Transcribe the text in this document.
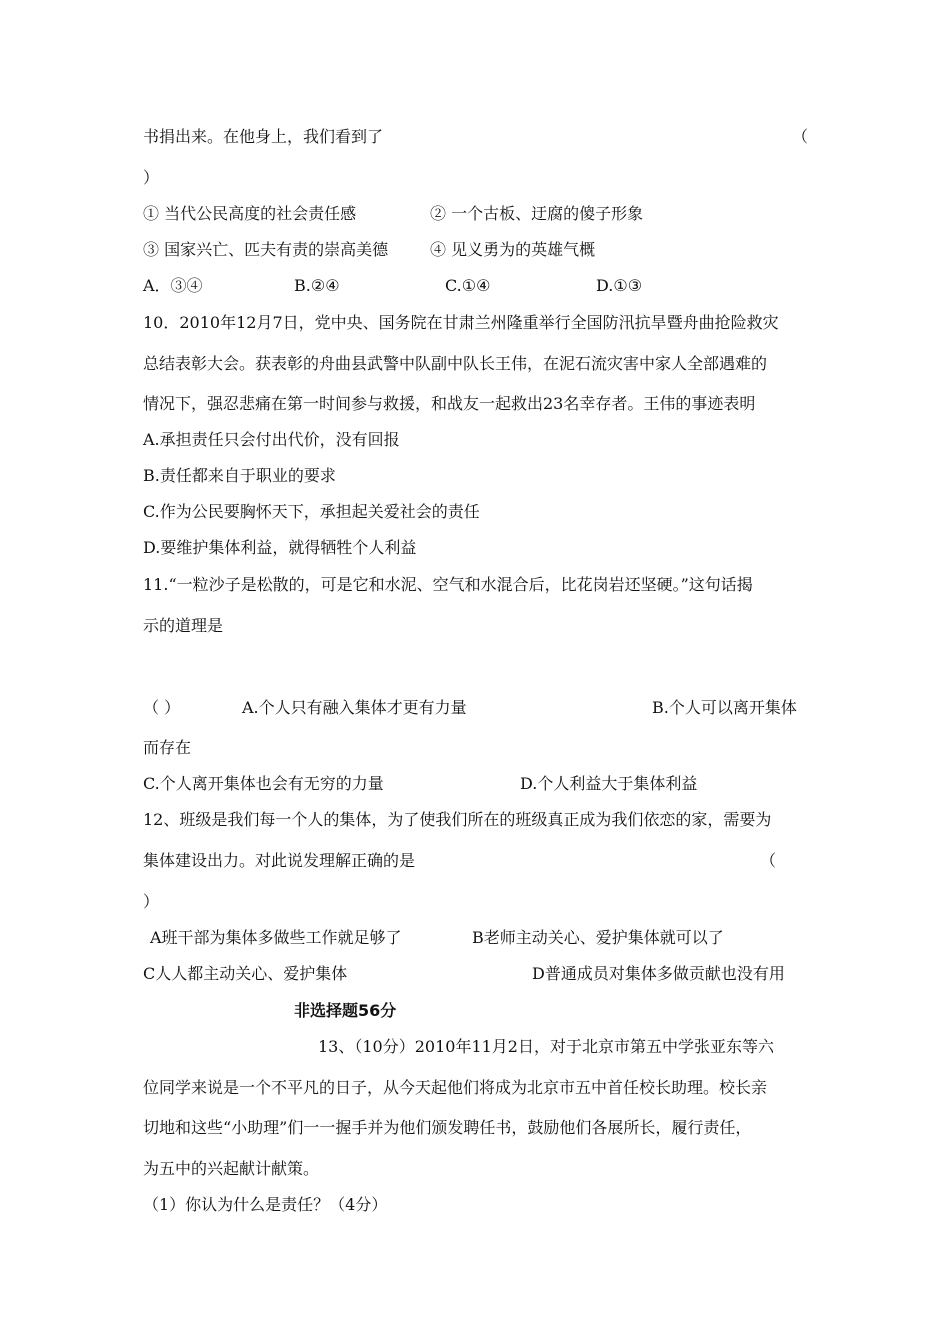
书捐出来。在他身上，我们看到了	（
）
① 当代公民高度的社会责任感	② 一个古板、迂腐的傻子形象
③ 国家兴亡、匹夫有责的崇高美德	④ 见义勇为的英雄气概
A．③④	B.②④	C.①④	D.①③
10．2010年12月7日，党中央、国务院在甘肃兰州隆重举行全国防汛抗旱暨舟曲抢险救灾
总结表彰大会。获表彰的舟曲县武警中队副中队长王伟，在泥石流灾害中家人全部遇难的
情况下，强忍悲痛在第一时间参与救援，和战友一起救出23名幸存者。王伟的事迹表明
A.承担责任只会付出代价，没有回报
B.责任都来自于职业的要求
C.作为公民要胸怀天下，承担起关爱社会的责任
D.要维护集体利益，就得牺牲个人利益
11.“一粒沙子是松散的，可是它和水泥、空气和水混合后，比花岗岩还坚硬。”这句话揭
示的道理是
（ ）	A.个人只有融入集体才更有力量	B.个人可以离开集体
而存在
C.个人离开集体也会有无穷的力量	D.个人利益大于集体利益
12、班级是我们每一个人的集体，为了使我们所在的班级真正成为我们依恋的家，需要为
集体建设出力。对此说发理解正确的是	（
）
A班干部为集体多做些工作就足够了	B老师主动关心、爱护集体就可以了
C人人都主动关心、爱护集体	D普通成员对集体多做贡献也没有用
非选择题56分
13、（10分）2010年11月2日，对于北京市第五中学张亚东等六
位同学来说是一个不平凡的日子，从今天起他们将成为北京市五中首任校长助理。校长亲
切地和这些“小助理”们一一握手并为他们颁发聘任书，鼓励他们各展所长，履行责任，
为五中的兴起献计献策。
（1）你认为什么是责任？（4分）
